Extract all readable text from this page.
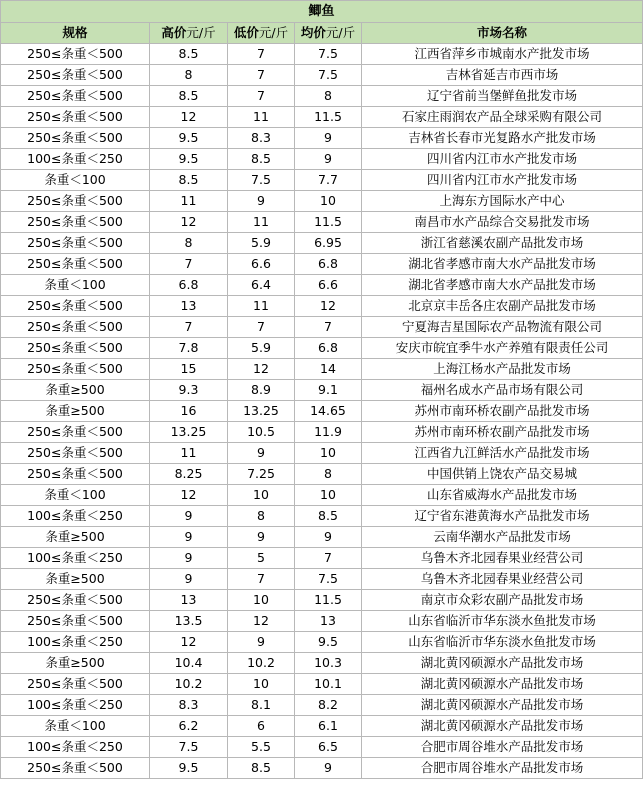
鲫鱼				
规格	高价元/斤	低价元/斤	均价元/斤	市场名称
250≤条重＜500	8.5	7	7.5	江西省萍乡市城南水产批发市场
250≤条重＜500	8	7	7.5	吉林省延吉市西市场
250≤条重＜500	8.5	7	8	辽宁省前当堡鲜鱼批发市场
250≤条重＜500	12	11	11.5	石家庄雨润农产品全球采购有限公司
250≤条重＜500	9.5	8.3	9	吉林省长春市光复路水产批发市场
100≤条重＜250	9.5	8.5	9	四川省内江市水产批发市场
条重＜100	8.5	7.5	7.7	四川省内江市水产批发市场
250≤条重＜500	11	9	10	上海东方国际水产中心
250≤条重＜500	12	11	11.5	南昌市水产品综合交易批发市场
250≤条重＜500	8	5.9	6.95	浙江省慈溪农副产品批发市场
250≤条重＜500	7	6.6	6.8	湖北省孝感市南大水产品批发市场
条重＜100	6.8	6.4	6.6	湖北省孝感市南大水产品批发市场
250≤条重＜500	13	11	12	北京京丰岳各庄农副产品批发市场
250≤条重＜500	7	7	7	宁夏海吉星国际农产品物流有限公司
250≤条重＜500	7.8	5.9	6.8	安庆市皖宜季牛水产养殖有限责任公司
250≤条重＜500	15	12	14	上海江杨水产品批发市场
条重≥500	9.3	8.9	9.1	福州名成水产品市场有限公司
条重≥500	16	13.25	14.65	苏州市南环桥农副产品批发市场
250≤条重＜500	13.25	10.5	11.9	苏州市南环桥农副产品批发市场
250≤条重＜500	11	9	10	江西省九江鲜活水产品批发市场
250≤条重＜500	8.25	7.25	8	中国供销上饶农产品交易城
条重＜100	12	10	10	山东省威海水产品批发市场
100≤条重＜250	9	8	8.5	辽宁省东港黄海水产品批发市场
条重≥500	9	9	9	云南华潮水产品批发市场
100≤条重＜250	9	5	7	乌鲁木齐北园春果业经营公司
条重≥500	9	7	7.5	乌鲁木齐北园春果业经营公司
250≤条重＜500	13	10	11.5	南京市众彩农副产品批发市场
250≤条重＜500	13.5	12	13	山东省临沂市华东淡水鱼批发市场
100≤条重＜250	12	9	9.5	山东省临沂市华东淡水鱼批发市场
条重≥500	10.4	10.2	10.3	湖北黄冈硕源水产品批发市场
250≤条重＜500	10.2	10	10.1	湖北黄冈硕源水产品批发市场
100≤条重＜250	8.3	8.1	8.2	湖北黄冈硕源水产品批发市场
条重＜100	6.2	6	6.1	湖北黄冈硕源水产品批发市场
100≤条重＜250	7.5	5.5	6.5	合肥市周谷堆水产品批发市场
250≤条重＜500	9.5	8.5	9	合肥市周谷堆水产品批发市场
